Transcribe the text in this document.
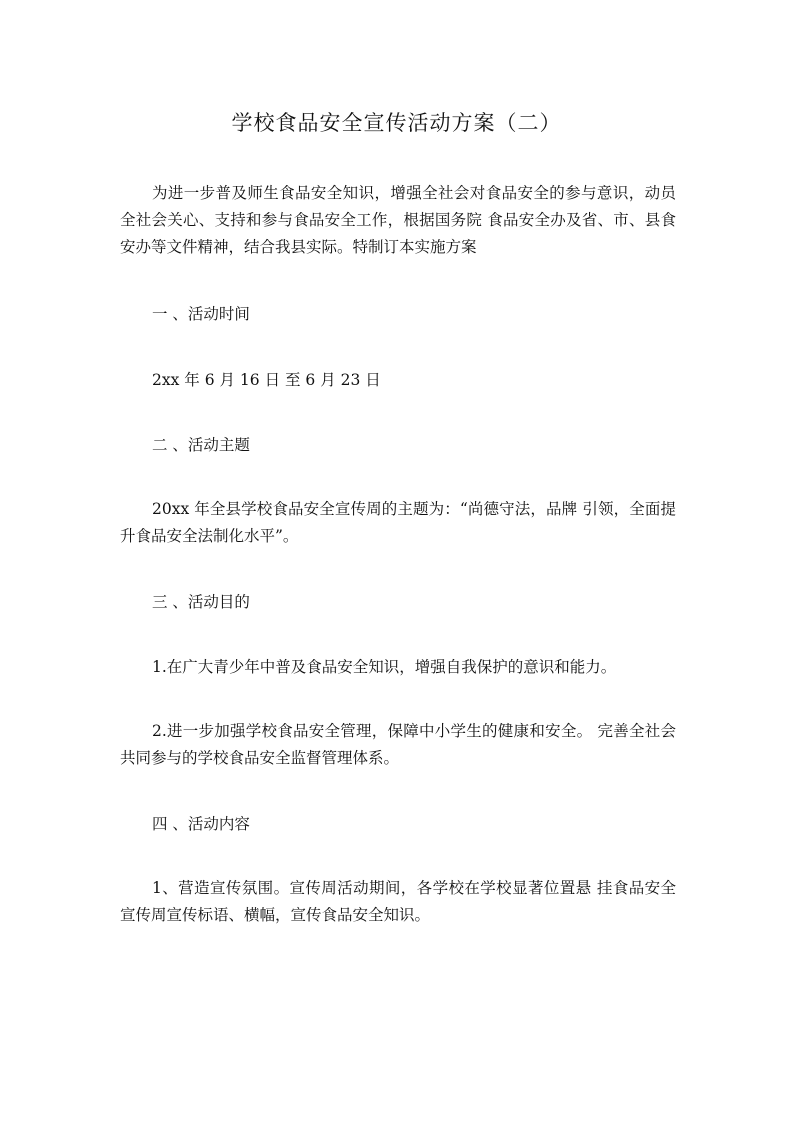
学校食品安全宣传活动方案（二）

为进一步普及师生食品安全知识，增强全社会对食品安全的参与意识，动员全社会关心、支持和参与食品安全工作，根据国务院 食品安全办及省、市、县食安办等文件精神，结合我县实际。特制订本实施方案

一 、活动时间

2xx 年 6 月 16 日 至 6 月 23 日

二 、活动主题

20xx 年全县学校食品安全宣传周的主题为：“尚德守法，品牌 引领，全面提升食品安全法制化水平”。

三 、活动目的

1.在广大青少年中普及食品安全知识，增强自我保护的意识和能力。

2.进一步加强学校食品安全管理，保障中小学生的健康和安全。 完善全社会共同参与的学校食品安全监督管理体系。

四 、活动内容

1、营造宣传氛围。宣传周活动期间，各学校在学校显著位置悬 挂食品安全宣传周宣传标语、横幅，宣传食品安全知识。
